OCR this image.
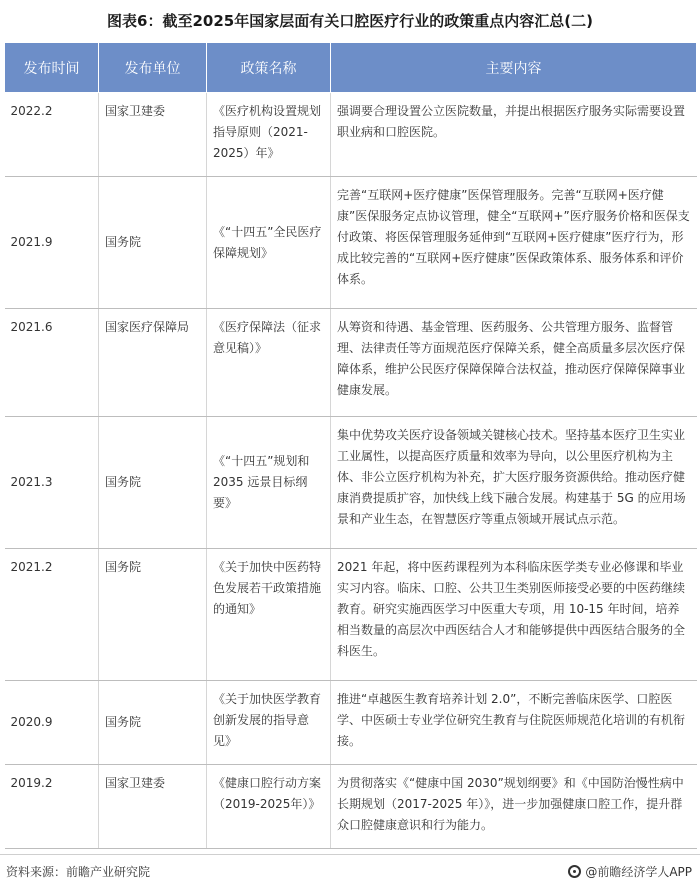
图表6：截至2025年国家层面有关口腔医疗行业的政策重点内容汇总(二)
发布时间	发布单位	政策名称	主要内容
2022.2	国家卫建委	《医疗机构设置规划指导原则（2021-2025）年》	强调要合理设置公立医院数量，并提出根据医疗服务实际需要设置职业病和口腔医院。
2021.9	国务院	《“十四五”全民医疗保障规划》	完善“互联网+医疗健康”医保管理服务。完善“互联网+医疗健康”医保服务定点协议管理，健全“互联网+”医疗服务价格和医保支付政策、将医保管理服务延伸到“互联网+医疗健康”医疗行为，形成比较完善的“互联网+医疗健康”医保政策体系、服务体系和评价体系。
2021.6	国家医疗保障局	《医疗保障法（征求意见稿）》	从筹资和待遇、基金管理、医药服务、公共管理方服务、监督管理、法律责任等方面规范医疗保障关系，健全高质量多层次医疗保障体系，维护公民医疗保障保障合法权益，推动医疗保障保障事业健康发展。
2021.3	国务院	《“十四五”规划和2035 远景目标纲要》	集中优势攻关医疗设备领域关键核心技术。坚持基本医疗卫生实业工业属性，以提高医疗质量和效率为导向，以公里医疗机构为主体、非公立医疗机构为补充，扩大医疗服务资源供给。推动医疗健康消费提质扩容，加快线上线下融合发展。构建基于 5G 的应用场景和产业生态，在智慧医疗等重点领域开展试点示范。
2021.2	国务院	《关于加快中医药特色发展若干政策措施的通知》	2021 年起，将中医药课程列为本科临床医学类专业必修课和毕业实习内容。临床、口腔、公共卫生类别医师接受必要的中医药继续教育。研究实施西医学习中医重大专项，用 10-15 年时间，培养相当数量的高层次中西医结合人才和能够提供中西医结合服务的全科医生。
2020.9	国务院	《关于加快医学教育创新发展的指导意见》	推进“卓越医生教育培养计划 2.0”，不断完善临床医学、口腔医学、中医硕士专业学位研究生教育与住院医师规范化培训的有机衔接。
2019.2	国家卫建委	《健康口腔行动方案 （2019-2025年）》	为贯彻落实《“健康中国 2030”规划纲要》和《中国防治慢性病中长期规划（2017-2025 年）》，进一步加强健康口腔工作，提升群众口腔健康意识和行为能力。
资料来源：前瞻产业研究院	@前瞻经济学人APP
